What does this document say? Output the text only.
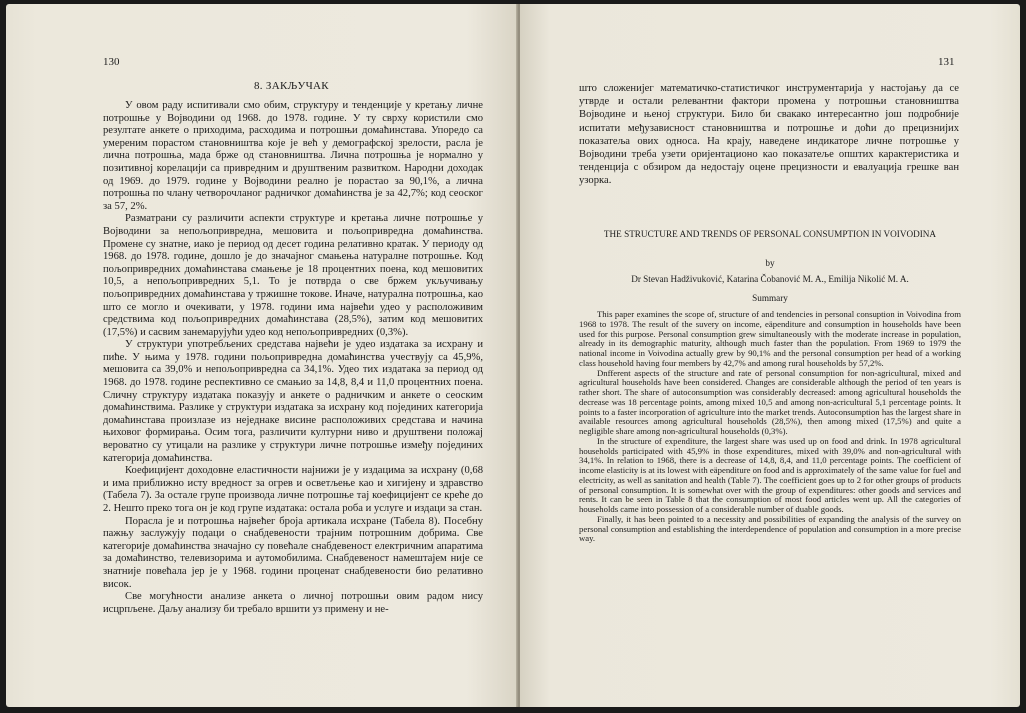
130
8. ЗАКЉУЧАК

У овом раду испитивали смо обим, структуру и тенденције у кретању личне потрошње у Војводини од 1968. до 1978. године. У ту сврху користили смо резултате анкете о приходима, расходима и потрошњи домаћинстава. Упоредо са умереним порастом становништва које је већ у демографској зрелости, расла је лична потрошња, мада брже од становништва. Лична потрошња је нормално у позитивној корелацији са привредним и друштвеним развитком. Народни доходак од 1969. до 1979. године у Војводини реално је порастао за 90,1%, а лична потрошња по члану четворочланог радничког домаћинства је за 42,7%; код сеоског за 57, 2%.

Разматрани су различити аспекти структуре и кретања личне потрошње у Војводини за непољопривредна, мешовита и пољопривредна домаћинства. Промене су знатне, иако је период од десет година релативно кратак. У периоду од 1968. до 1978. године, дошло је до значајног смањења натуралне потрошње. Код пољопривредних домаћинстава смањење је 18 процентних поена, код мешовитих 10,5, а непољопривредних 5,1. То је потврда о све бржем укључивању пољопривредних домаћинстава у тржишне токове. Иначе, натурална потрошња, као што се могло и очекивати, у 1978. години има највећи удео у расположивим средствима код пољопривредних домаћинстава (28,5%), затим код мешовитих (17,5%) и сасвим занемарујући удео код непољопривредних (0,3%).

У структури употребљених средстава највећи је удео издатака за исхрану и пиће. У њима у 1978. години пољопривредна домаћинства учествују са 45,9%, мешовита са 39,0% и непољопривредна са 34,1%. Удео тих издатака за период од 1968. до 1978. године респективно се смањио за 14,8, 8,4 и 11,0 процентних поена. Сличну структуру издатака показују и анкете о радничким и анкете о сеоским домаћинствима. Разлике у структури издатака за исхрану код појединих категорија домаћинстава произлазе из неједнаке висине расположивих средстава и начина њиховог формирања. Осим тога, различити културни ниво и друштвени положај вероватно су утицали на разлике у структури личне потрошње између појединих категорија домаћинства.

Коефицијент доходовне еластичности најнижи је у издацима за исхрану (0,68 и има приближно исту вредност за огрев и осветљење као и хигијену и здравство (Табела 7). За остале групе производа личне потрошње тај коефицијент се креће до 2. Нешто преко тога он је код групе издатака: остала роба и услуге и издаци за стан.

Порасла је и потрошња највећег броја артикала исхране (Табела 8). Посебну пажњу заслужују подаци о снабдевености трајним потрошним добрима. Све категорије домаћинства значајно су повећале снабдевеност електричним апаратима за домаћинство, телевизорима и аутомобилима. Снабдевеност намештајем није се знатније повећала јер је у 1968. години проценат снабдевености био релативно висок.

Све могућности анализе анкета о личној потрошњи овим радом нису исцрпљене. Даљу анализу би требало вршити уз примену и не-

131

што сложенијег математичко-статистичког инструментарија у настојању да се утврде и остали релевантни фактори промена у потрошњи становништва Војводине и њеној структури. Било би свакако интересантно још подробније испитати међузависност становништва и потрошње и доћи до прецизнијих показатеља ових односа. На крају, наведене индикаторе личне потрошње у Војводини треба узети оријентационо као показатеље општих карактеристика и тенденција с обзиром да недостају оцене прецизности и евалуација грешке ван узорка.

THE STRUCTURE AND TRENDS OF PERSONAL CONSUMPTION IN VOIVODINA
by
Dr Stevan Hadživuković, Katarina Čobanović M. A., Emilija Nikolić M. A.
Summary

This paper examines the scope of, structure of and tendencies in personal consuption in Voivodina from 1968 to 1978. The result of the suvery on income, eäpenditure and consumption in households have been used for this purpose. Personal consumption grew simultaneously with the moderate increase in population, already in its demographic maturity, although much faster than the population. From 1969 to 1979 the national income in Voivodina actually grew by 90,1% and the personal consumption per head of a working class household having four members by 42,7% and among rural households by 57,2%.

Dnfferent aspects of the structure and rate of personal consumption for non-agricultural, mixed and agricultural households have been considered. Changes are considerable although the period of ten years is rather short. The share of autoconsumption was considerably decreased: among agricultural households the decrease was 18 percentage points, among mixed 10,5 and among non-acricultural 5,1 percentage points. It points to a faster incorporation of agriculture into the market trends. Autoconsumption has the largest share in available resources among agricultural households (28,5%), then among mixed (17,5%) and quite a negligible share among non-agricultural households (0,3%).

In the structure of expenditure, the largest share was used up on food and drink. In 1978 agricultural households participated with 45,9% in those expenditures, mixed with 39,0% and non-agricultural with 34,1%. In relation to 1968, there is a decrease of 14,8, 8,4, and 11,0 percentage points. The coefficient of income elasticity is at its lowest with eäpenditure on food and is approximately of the same value for fuel and electricity, as well as sanitation and health (Table 7). The coefficient goes up to 2 for other groups of products of personal consumption. It is somewhat over with the group of expenditures: other goods and services and rents. It can be seen in Table 8 that the consumption of most food articles went up. All the categories of households came into possession of a considerable number of duable goods.

Finally, it has been pointed to a necessity and possibilities of expanding the analysis of the survey on personal consumption and establishing the interdependence of population and consumption in a more precise way.
